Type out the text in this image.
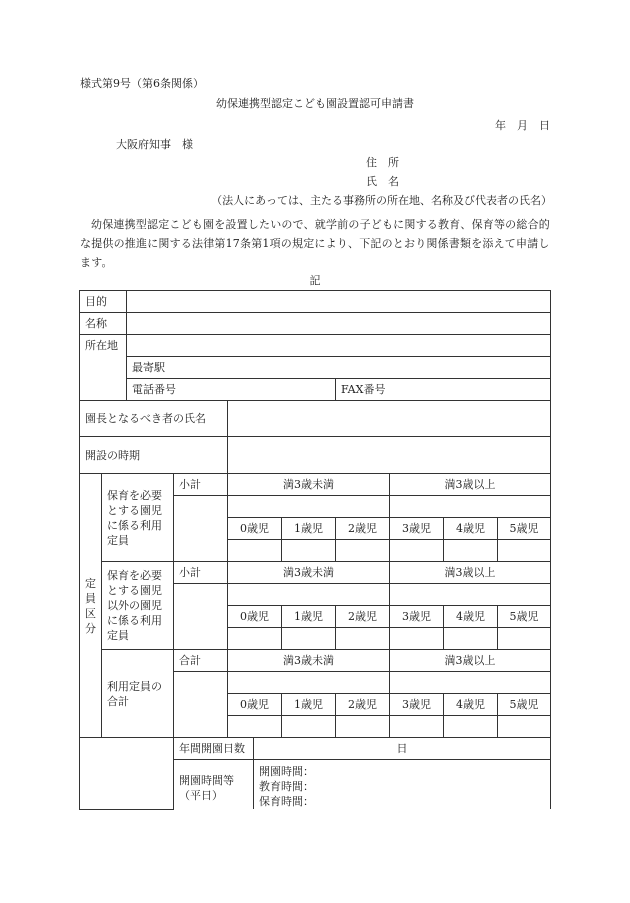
様式第9号（第6条関係）
幼保連携型認定こども園設置認可申請書
年　月　日
大阪府知事　様
住　所
氏　名
（法人にあっては、主たる事務所の所在地、名称及び代表者の氏名）
幼保連携型認定こども園を設置したいので、就学前の子どもに関する教育、保育等の総合的な提供の推進に関する法律第17条第1項の規定により、下記のとおり関係書類を添えて申請します。
記
目的										
名称										
所在地										
		最寄駅								
		電話番号					FAX番号			
園長となるべき者の氏名										
開設の時期										
定員区分	保育を必要とする園児に係る利用定員		小計	満3歳未満				満3歳以上		

				0歳児		1歳児	2歳児	3歳児	4歳児	5歳児

	保育を必要とする園児以外の園児に係る利用定員		小計	満3歳未満				満3歳以上		

				0歳児		1歳児	2歳児	3歳児	4歳児	5歳児

	利用定員の合計		合計	満3歳未満				満3歳以上		

				0歳児		1歳児	2歳児	3歳児	4歳児	5歳児

			年間開園日数		日					
			開園時間等（平日）		開園時間：
教育時間：
保育時間：					
